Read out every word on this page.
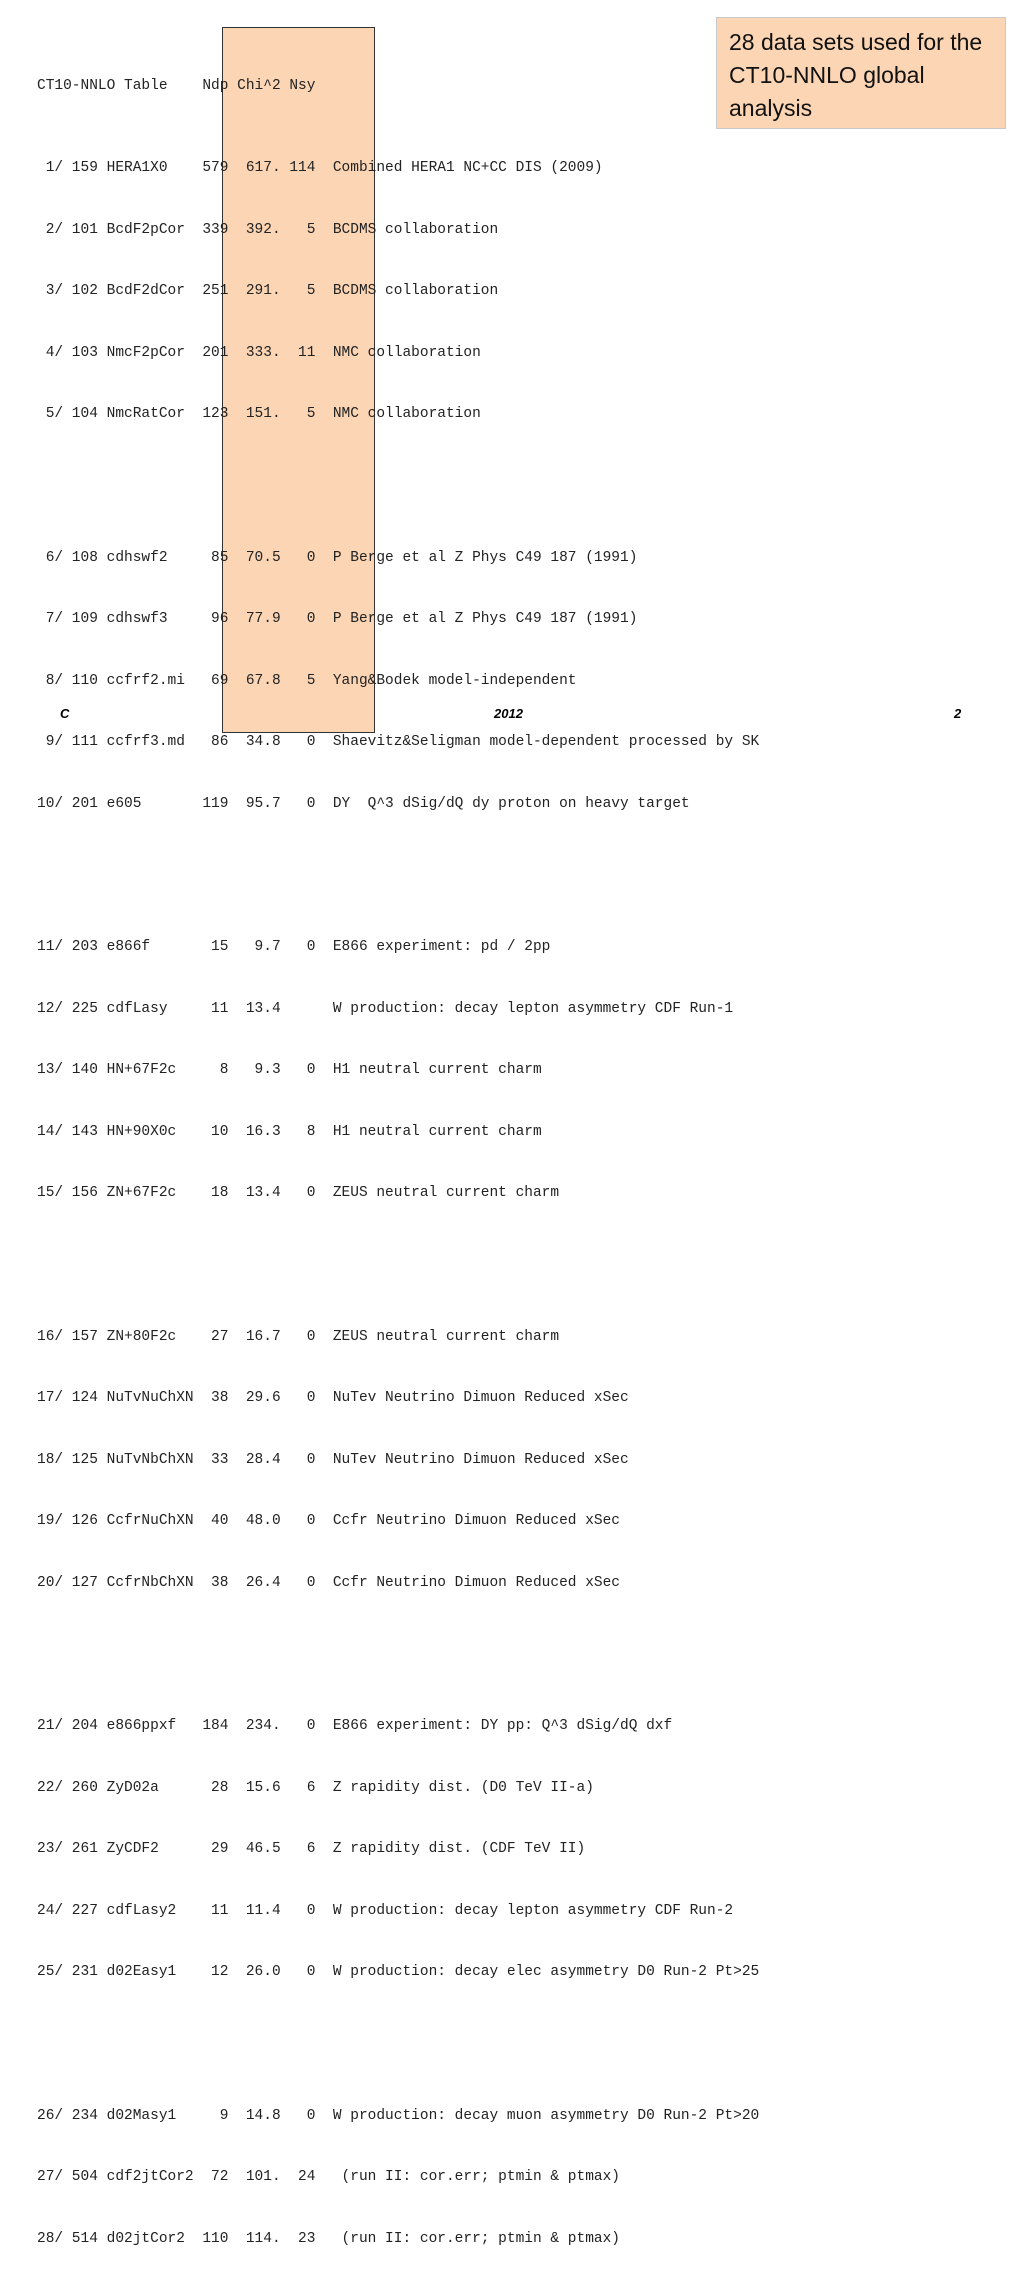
CT10-NNLO Table    Ndp Chi^2 Nsy

1/ 159 HERA1X0    579  617. 114  Combined HERA1 NC+CC DIS (2009)

2/ 101 BcdF2pCor  339  392.   5  BCDMS collaboration

3/ 102 BcdF2dCor  251  291.   5  BCDMS collaboration

4/ 103 NmcF2pCor  201  333.  11  NMC collaboration

5/ 104 NmcRatCor  123  151.   5  NMC collaboration

6/ 108 cdhswf2     85  70.5   0  P Berge et al Z Phys C49 187 (1991)

7/ 109 cdhswf3     96  77.9   0  P Berge et al Z Phys C49 187 (1991)

8/ 110 ccfrf2.mi   69  67.8   5  Yang&Bodek model-independent

9/ 111 ccfrf3.md   86  34.8   0  Shaevitz&Seligman model-dependent processed by SK

10/ 201 e605       119  95.7   0  DY  Q^3 dSig/dQ dy proton on heavy target

11/ 203 e866f       15   9.7   0  E866 experiment: pd / 2pp

12/ 225 cdfLasy     11  13.4      W production: decay lepton asymmetry CDF Run-1

13/ 140 HN+67F2c     8   9.3   0  H1 neutral current charm

14/ 143 HN+90X0c    10  16.3   8  H1 neutral current charm

15/ 156 ZN+67F2c    18  13.4   0  ZEUS neutral current charm

16/ 157 ZN+80F2c    27  16.7   0  ZEUS neutral current charm

17/ 124 NuTvNuChXN  38  29.6   0  NuTev Neutrino Dimuon Reduced xSec

18/ 125 NuTvNbChXN  33  28.4   0  NuTev Neutrino Dimuon Reduced xSec

19/ 126 CcfrNuChXN  40  48.0   0  Ccfr Neutrino Dimuon Reduced xSec

20/ 127 CcfrNbChXN  38  26.4   0  Ccfr Neutrino Dimuon Reduced xSec

21/ 204 e866ppxf   184  234.   0  E866 experiment: DY pp: Q^3 dSig/dQ dxf

22/ 260 ZyD02a      28  15.6   6  Z rapidity dist. (D0 TeV II-a)

23/ 261 ZyCDF2      29  46.5   6  Z rapidity dist. (CDF TeV II)

24/ 227 cdfLasy2    11  11.4   0  W production: decay lepton asymmetry CDF Run-2

25/ 231 d02Easy1    12  26.0   0  W production: decay elec asymmetry D0 Run-2 Pt>25

26/ 234 d02Masy1     9  14.8   0  W production: decay muon asymmetry D0 Run-2 Pt>20

27/ 504 cdf2jtCor2  72  101.  24   (run II: cor.err; ptmin & ptmax)

28/ 514 d02jtCor2  110  114.  23   (run II: cor.err; ptmin & ptmax)

28 data sets used for the CT10-NNLO global analysis
C	2012	2
